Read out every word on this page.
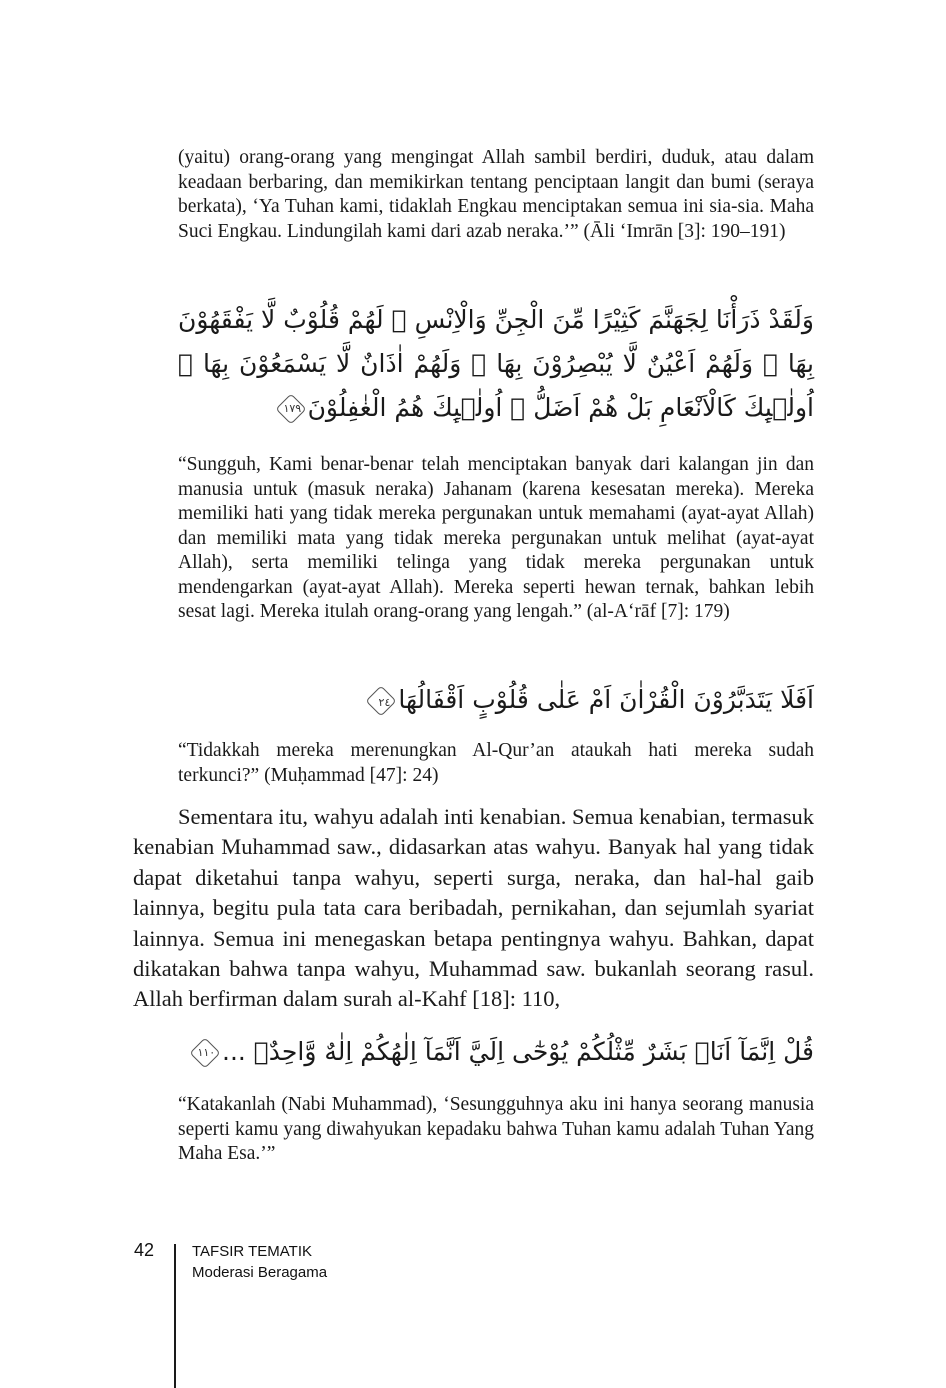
(yaitu) orang-orang yang mengingat Allah sambil berdiri, duduk, atau dalam keadaan berbaring, dan memikirkan tentang penciptaan langit dan bumi (seraya berkata), ‘Ya Tuhan kami, tidaklah Engkau menciptakan semua ini sia-sia. Maha Suci Engkau. Lindungilah kami dari azab neraka.’” (Āli ‘Imrān [3]: 190–191)

وَلَقَدْ ذَرَأْنَا لِجَهَنَّمَ كَثِيْرًا مِّنَ الْجِنِّ وَالْاِنْسِ ۖ لَهُمْ قُلُوْبٌ لَّا يَفْقَهُوْنَ بِهَا ۖ وَلَهُمْ اَعْيُنٌ لَّا يُبْصِرُوْنَ بِهَا ۖ وَلَهُمْ اٰذَانٌ لَّا يَسْمَعُوْنَ بِهَا ۗ اُولٰۤىِٕكَ كَالْاَنْعَامِ بَلْ هُمْ اَضَلُّ ۗ اُولٰۤىِٕكَ هُمُ الْغٰفِلُوْنَ١٧٩

“Sungguh, Kami benar-benar telah menciptakan banyak dari kalangan jin dan manusia untuk (masuk neraka) Jahanam (karena kesesatan mereka). Mereka memiliki hati yang tidak mereka pergunakan untuk memahami (ayat-ayat Allah) dan memiliki mata yang tidak mereka pergunakan untuk melihat (ayat-ayat Allah), serta memiliki telinga yang tidak mereka pergunakan untuk mendengarkan (ayat-ayat Allah). Mereka seperti hewan ternak, bahkan lebih sesat lagi. Mereka itulah orang-orang yang lengah.” (al-A‘rāf [7]: 179)

اَفَلَا يَتَدَبَّرُوْنَ الْقُرْاٰنَ اَمْ عَلٰى قُلُوْبٍ اَقْفَالُهَا٢٤

“Tidakkah mereka merenungkan Al-Qur’an ataukah hati mereka sudah terkunci?” (Muḥammad [47]: 24)

Sementara itu, wahyu adalah inti kenabian. Semua kenabian, termasuk kenabian Muhammad saw., didasarkan atas wahyu. Banyak hal yang tidak dapat diketahui tanpa wahyu, seperti surga, neraka, dan hal-hal gaib lainnya, begitu pula tata cara beribadah, pernikahan, dan sejumlah syariat lainnya. Semua ini menegaskan betapa pentingnya wahyu. Bahkan, dapat dikatakan bahwa tanpa wahyu, Muhammad saw. bukanlah seorang rasul. Allah berfirman dalam surah al-Kahf [18]: 110,

قُلْ اِنَّمَآ اَنَا۠ بَشَرٌ مِّثْلُكُمْ يُوْحٰٓى اِلَيَّ اَنَّمَآ اِلٰهُكُمْ اِلٰهٌ وَّاحِدٌۚ ...١١٠

“Katakanlah (Nabi Muhammad), ‘Sesungguhnya aku ini hanya seorang manusia seperti kamu yang diwahyukan kepadaku bahwa Tuhan kamu adalah Tuhan Yang Maha Esa.’”

42	TAFSIR TEMATIK
Moderasi Beragama
